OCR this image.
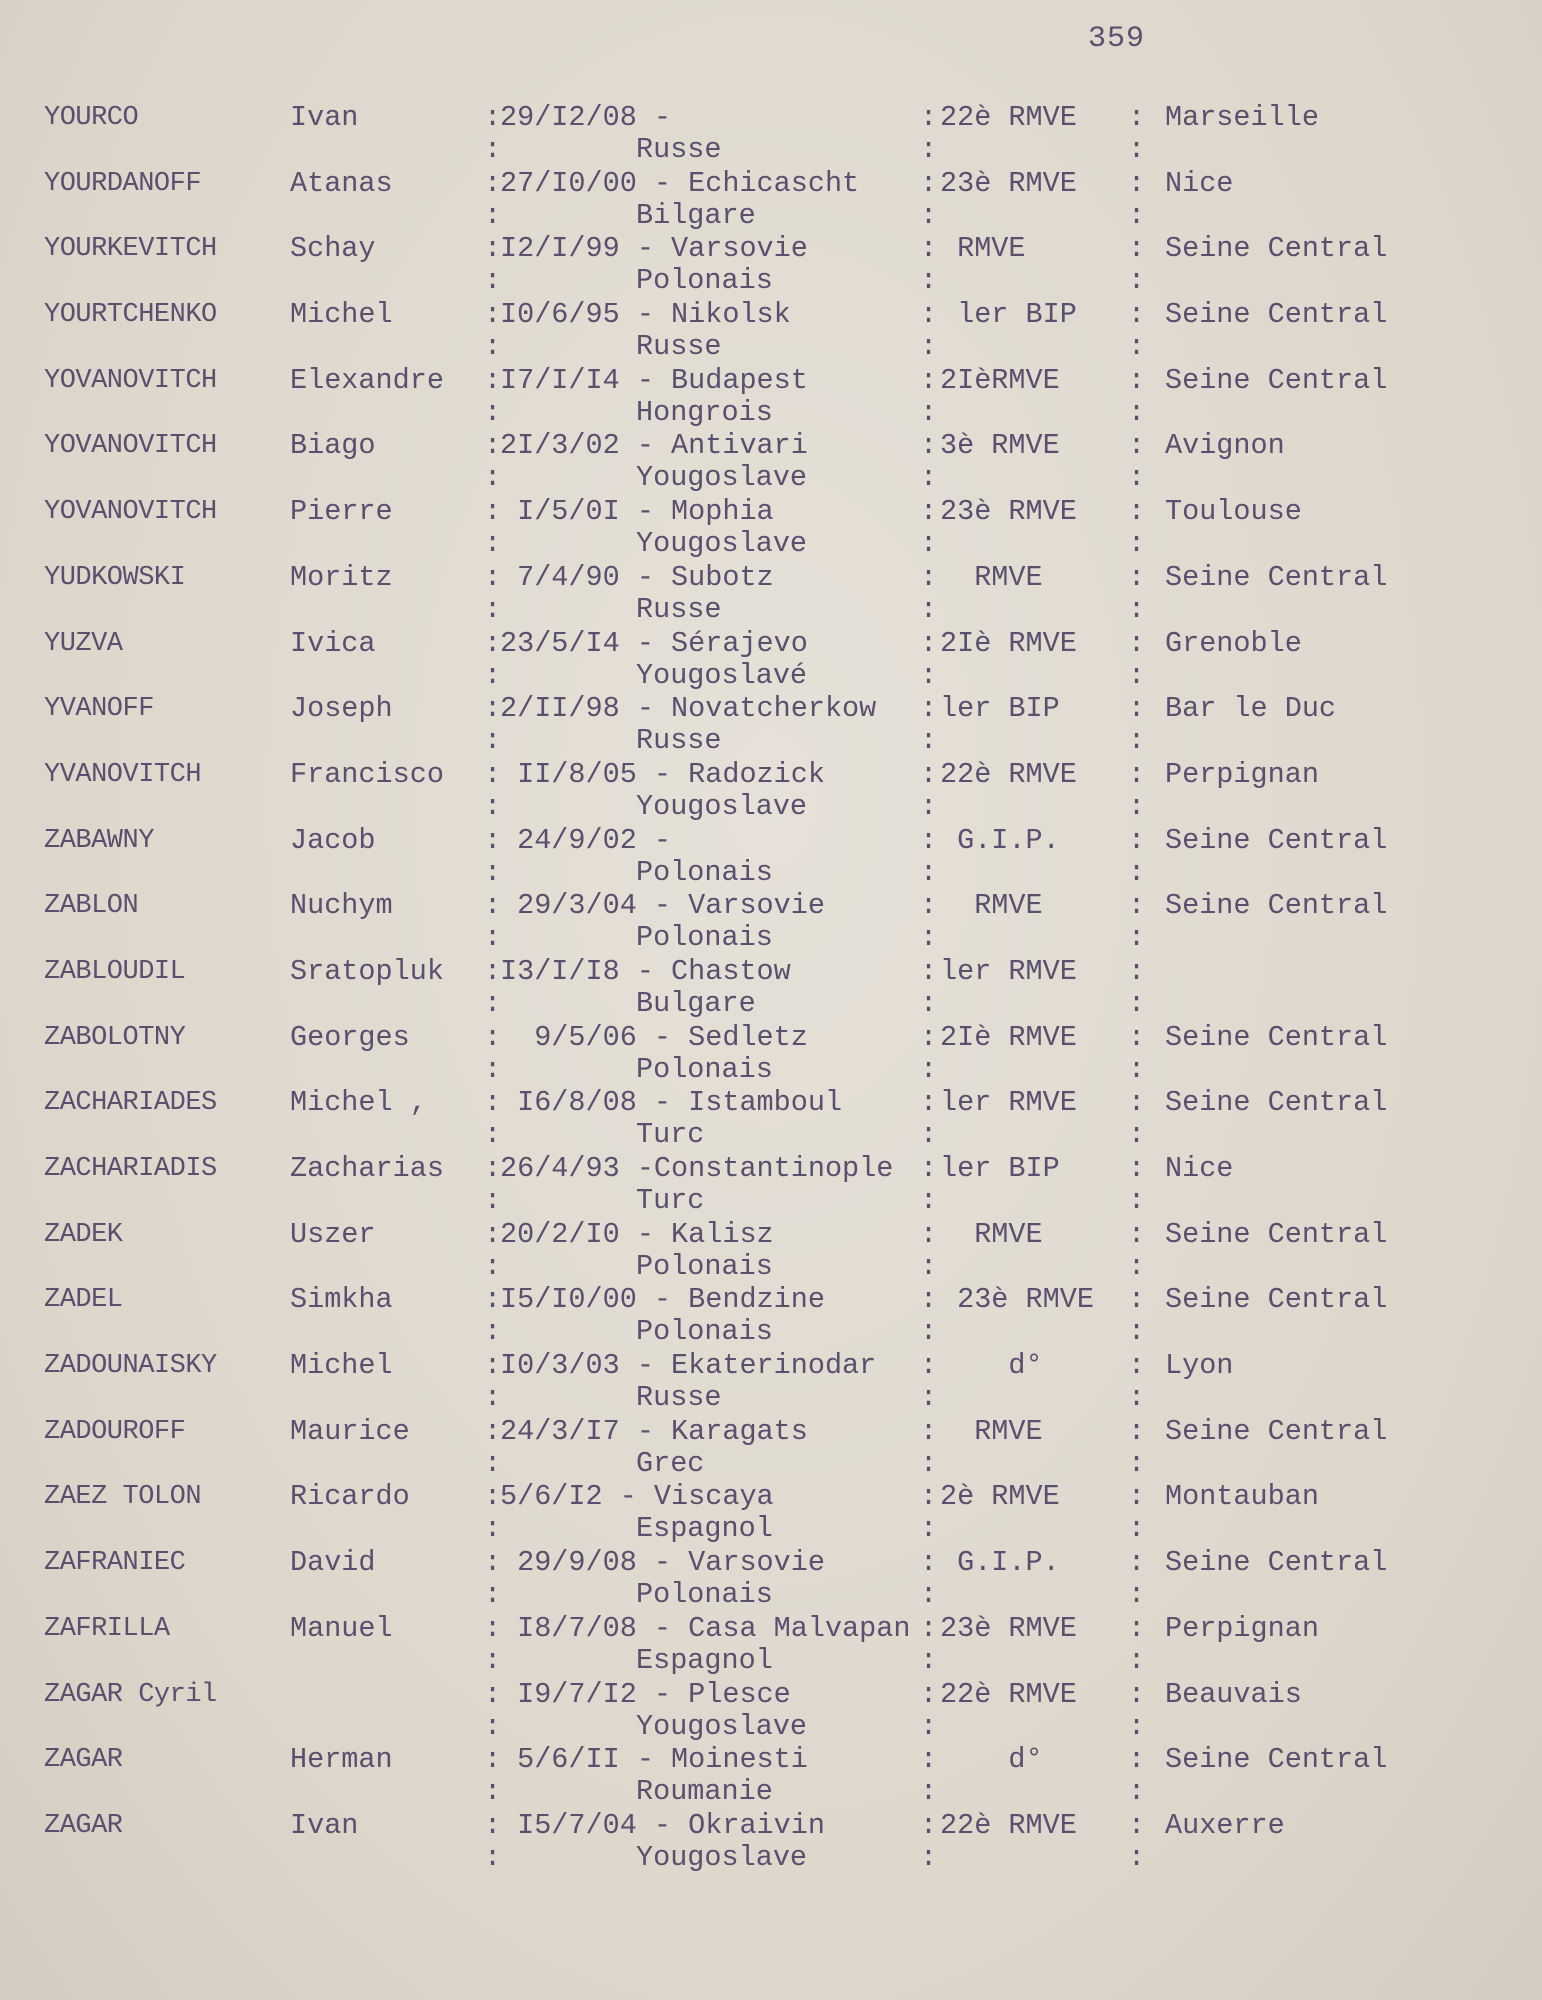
359
YOURCO	Ivan	:
29/I2/08 -
:	Russe
: 22è RMVE
:
: Marseille
:
YOURDANOFF	Atanas	:
27/I0/00 - Echicascht
:	Bilgare
: 23è RMVE
:
: Nice
:
YOURKEVITCH	Schay	:
I2/I/99 - Varsovie
:	Polonais
: RMVE
:
: Seine Central
:
YOURTCHENKO	Michel	:
I0/6/95 - Nikolsk
:	Russe
: ler BIP
:
: Seine Central
:
YOVANOVITCH	Elexandre :
I7/I/I4 - Budapest
:	Hongrois
: 2IèRMVE
:
: Seine Central
:
YOVANOVITCH	Biago	:
2I/3/02 - Antivari
:	Yougoslave
: 3è RMVE
:
: Avignon
:
YOVANOVITCH	Pierre	:
I/5/0I - Mophia
:	Yougoslave
: 23è RMVE
:
: Toulouse
:
YUDKOWSKI	Moritz	:
7/4/90 - Subotz
:	Russe
: RMVE
:
: Seine Central
:
YUZVA	Ivica	:
23/5/I4 - Sérajevo
:	Yougoslavé
: 2Iè RMVE
:
: Grenoble
:
YVANOFF	Joseph	:
2/II/98 - Novatcherkow
:	Russe
: ler BIP
:
: Bar le Duc
:
YVANOVITCH	Francisco :
II/8/05 - Radozick
:	Yougoslave
: 22è RMVE
:
: Perpignan
:
ZABAWNY	Jacob	:
24/9/02 -
:	Polonais
: G.I.P.
:
: Seine Central
:
ZABLON	Nuchym	:
29/3/04 - Varsovie
:	Polonais
: RMVE
:
: Seine Central
:
ZABLOUDIL	Sratopluk :
I3/I/I8 - Chastow
:	Bulgare
: ler RMVE
:
:
:
ZABOLOTNY	Georges	:
9/5/06 - Sedletz
:	Polonais
: 2Iè RMVE
:
: Seine Central
:
ZACHARIADES	Michel , :
I6/8/08 - Istamboul
:	Turc
: ler RMVE
:
: Seine Central
:
ZACHARIADIS	Zacharias :
26/4/93 -Constantinople
:	Turc
: ler BIP
:
: Nice
:
ZADEK	Uszer	:
20/2/I0 - Kalisz
:	Polonais
: RMVE
:
: Seine Central
:
ZADEL	Simkha	:
I5/I0/00 - Bendzine
:	Polonais
: 23è RMVE
:
: Seine Central
:
ZADOUNAISKY	Michel	:
I0/3/03 - Ekaterinodar
:	Russe
: d°
:
: Lyon
:
ZADOUROFF	Maurice	:
24/3/I7 - Karagats
:	Grec
: RMVE
:
: Seine Central
:
ZAEZ TOLON	Ricardo	:
5/6/I2 - Viscaya
:	Espagnol
: 2è RMVE
:
: Montauban
:
ZAFRANIEC	David	:
29/9/08 - Varsovie
:	Polonais
: G.I.P.
:
: Seine Central
:
ZAFRILLA	Manuel	:
I8/7/08 - Casa Malvapan
:	Espagnol
: 23è RMVE
:
: Perpignan
:
ZAGAR Cyril	:
I9/7/I2 - Plesce
:	Yougoslave
: 22è RMVE
:
: Beauvais
:
ZAGAR	Herman	:
5/6/II - Moinesti
:	Roumanie
: d°
:
: Seine Central
:
ZAGAR	Ivan	:
I5/7/04 - Okraivin
:	Yougoslave
: 22è RMVE
:
: Auxerre
:
